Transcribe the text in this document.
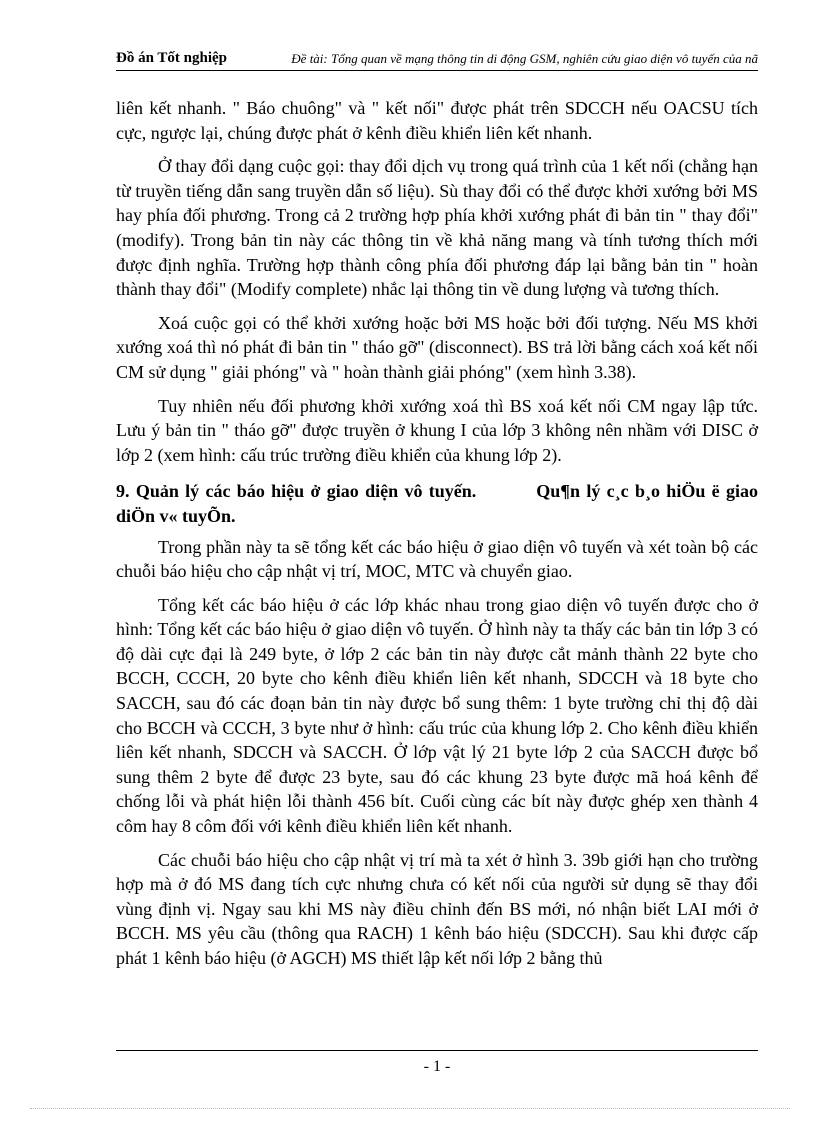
Đồ án Tốt nghiệp	Đề tài: Tổng quan về mạng thông tin di động GSM, nghiên cứu giao diện vô tuyến của nã

liên kết nhanh. " Báo chuông" và " kết nối" được phát trên SDCCH nếu OACSU tích cực, ngược lại, chúng được phát ở kênh điều khiển liên kết nhanh.

Ở thay đổi dạng cuộc gọi: thay đổi dịch vụ trong quá trình của 1 kết nối (chẳng hạn từ truyền tiếng dẫn sang truyền dẫn số liệu). Sù thay đổi có thể được khởi xướng bởi MS hay phía đối phương. Trong cả 2 trường hợp phía khởi xướng phát đi bản tin " thay đổi" (modify). Trong bản tin này các thông tin về khả năng mang và tính tương thích mới được định nghĩa. Trường hợp thành công phía đối phương đáp lại bằng bản tin " hoàn thành thay đổi" (Modify complete) nhắc lại thông tin về dung lượng và tương thích.

Xoá cuộc gọi có thể khởi xướng hoặc bởi MS hoặc bởi đối tượng. Nếu MS khởi xướng xoá thì nó phát đi bản tin " tháo gỡ" (disconnect). BS trả lời bằng cách xoá kết nối CM sử dụng " giải phóng" và " hoàn thành giải phóng" (xem hình 3.38).

Tuy nhiên nếu đối phương khởi xướng xoá thì BS xoá kết nối CM ngay lập tức. Lưu ý bản tin " tháo gỡ" được truyền ở khung I của lớp 3 không nên nhầm với DISC ở lớp 2 (xem hình: cấu trúc trường điều khiển của khung lớp 2).

9. Quản lý các báo hiệu ở giao diện vô tuyến.	Qu¶n lý c¸c b¸o hiÖu ë giao diÖn v« tuyÕn.

Trong phần này ta sẽ tổng kết các báo hiệu ở giao diện vô tuyến và xét toàn bộ các chuỗi báo hiệu cho cập nhật vị trí, MOC, MTC và chuyển giao.

Tổng kết các báo hiệu ở các lớp khác nhau trong giao diện vô tuyến được cho ở hình: Tổng kết các báo hiệu ở giao diện vô tuyến. Ở hình này ta thấy các bản tin lớp 3 có độ dài cực đại là 249 byte, ở lớp 2 các bản tin này được cắt mảnh thành 22 byte cho BCCH, CCCH, 20 byte cho kênh điều khiển liên kết nhanh, SDCCH và 18 byte cho SACCH, sau đó các đoạn bản tin này được bổ sung thêm: 1 byte trường chỉ thị độ dài cho BCCH và CCCH, 3 byte như ở hình: cấu trúc của khung lớp 2. Cho kênh điều khiển liên kết nhanh, SDCCH và SACCH. Ở lớp vật lý 21 byte lớp 2 của SACCH được bổ sung thêm 2 byte để được 23 byte, sau đó các khung 23 byte được mã hoá kênh để chống lỗi và phát hiện lỗi thành 456 bít. Cuối cùng các bít này được ghép xen thành 4 côm hay 8 côm đối với kênh điều khiển liên kết nhanh.

Các chuỗi báo hiệu cho cập nhật vị trí mà ta xét ở hình 3. 39b giới hạn cho trường hợp mà ở đó MS đang tích cực nhưng chưa có kết nối của người sử dụng sẽ thay đổi vùng định vị. Ngay sau khi MS này điều chỉnh đến BS mới, nó nhận biết LAI mới ở BCCH. MS yêu cầu (thông qua RACH) 1 kênh báo hiệu (SDCCH). Sau khi được cấp phát 1 kênh báo hiệu (ở AGCH) MS thiết lập kết nối lớp 2 bằng thủ

- 1 -
